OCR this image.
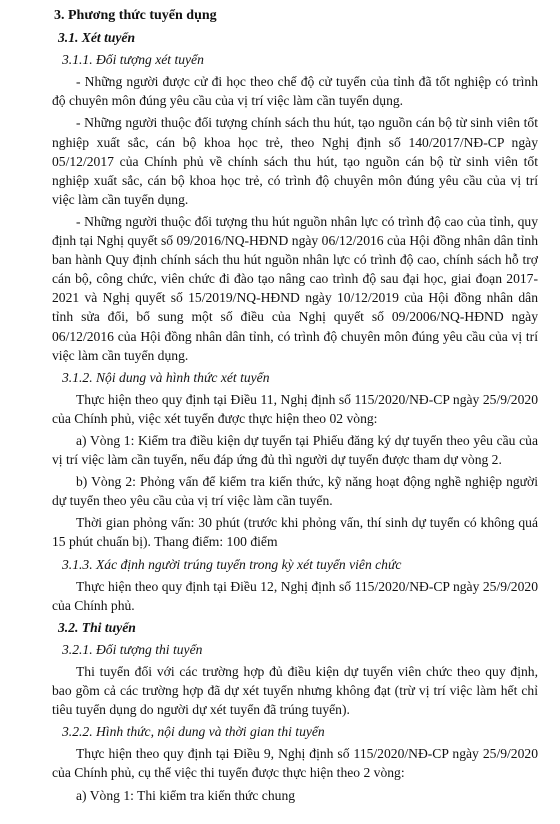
3. Phương thức tuyển dụng
3.1. Xét tuyển
3.1.1. Đối tượng xét tuyển

- Những người được cử đi học theo chế độ cử tuyển của tỉnh đã tốt nghiệp có trình độ chuyên môn đúng yêu cầu của vị trí việc làm cần tuyển dụng.

- Những người thuộc đối tượng chính sách thu hút, tạo nguồn cán bộ từ sinh viên tốt nghiệp xuất sắc, cán bộ khoa học trẻ, theo Nghị định số 140/2017/NĐ-CP ngày 05/12/2017 của Chính phủ về chính sách thu hút, tạo nguồn cán bộ từ sinh viên tốt nghiệp xuất sắc, cán bộ khoa học trẻ, có trình độ chuyên môn đúng yêu cầu của vị trí việc làm cần tuyển dụng.

- Những người thuộc đối tượng thu hút nguồn nhân lực có trình độ cao của tỉnh, quy định tại Nghị quyết số 09/2016/NQ-HĐND ngày 06/12/2016 của Hội đồng nhân dân tỉnh ban hành Quy định chính sách thu hút nguồn nhân lực có trình độ cao, chính sách hỗ trợ cán bộ, công chức, viên chức đi đào tạo nâng cao trình độ sau đại học, giai đoạn 2017-2021 và Nghị quyết số 15/2019/NQ-HĐND ngày 10/12/2019 của Hội đồng nhân dân tỉnh sửa đổi, bổ sung một số điều của Nghị quyết số 09/2006/NQ-HĐND ngày 06/12/2016 của Hội đồng nhân dân tỉnh, có trình độ chuyên môn đúng yêu cầu của vị trí việc làm cần tuyển dụng.

3.1.2. Nội dung và hình thức xét tuyển

Thực hiện theo quy định tại Điều 11, Nghị định số 115/2020/NĐ-CP ngày 25/9/2020 của Chính phủ, việc xét tuyển được thực hiện theo 02 vòng:

a) Vòng 1: Kiểm tra điều kiện dự tuyển tại Phiếu đăng ký dự tuyển theo yêu cầu của vị trí việc làm cần tuyển, nếu đáp ứng đủ thì người dự tuyển được tham dự vòng 2.

b) Vòng 2: Phỏng vấn để kiểm tra kiến thức, kỹ năng hoạt động nghề nghiệp người dự tuyển theo yêu cầu của vị trí việc làm cần tuyển.

Thời gian phỏng vấn: 30 phút (trước khi phỏng vấn, thí sinh dự tuyển có không quá 15 phút chuẩn bị). Thang điểm: 100 điểm

3.1.3. Xác định người trúng tuyển trong kỳ xét tuyển viên chức

Thực hiện theo quy định tại Điều 12, Nghị định số 115/2020/NĐ-CP ngày 25/9/2020 của Chính phủ.

3.2. Thi tuyển
3.2.1. Đối tượng thi tuyển

Thi tuyển đối với các trường hợp đủ điều kiện dự tuyển viên chức theo quy định, bao gồm cả các trường hợp đã dự xét tuyển nhưng không đạt (trừ vị trí việc làm hết chỉ tiêu tuyển dụng do người dự xét tuyển đã trúng tuyển).

3.2.2. Hình thức, nội dung và thời gian thi tuyển

Thực hiện theo quy định tại Điều 9, Nghị định số 115/2020/NĐ-CP ngày 25/9/2020 của Chính phủ, cụ thể việc thi tuyển được thực hiện theo 2 vòng:

a) Vòng 1: Thi kiểm tra kiến thức chung
